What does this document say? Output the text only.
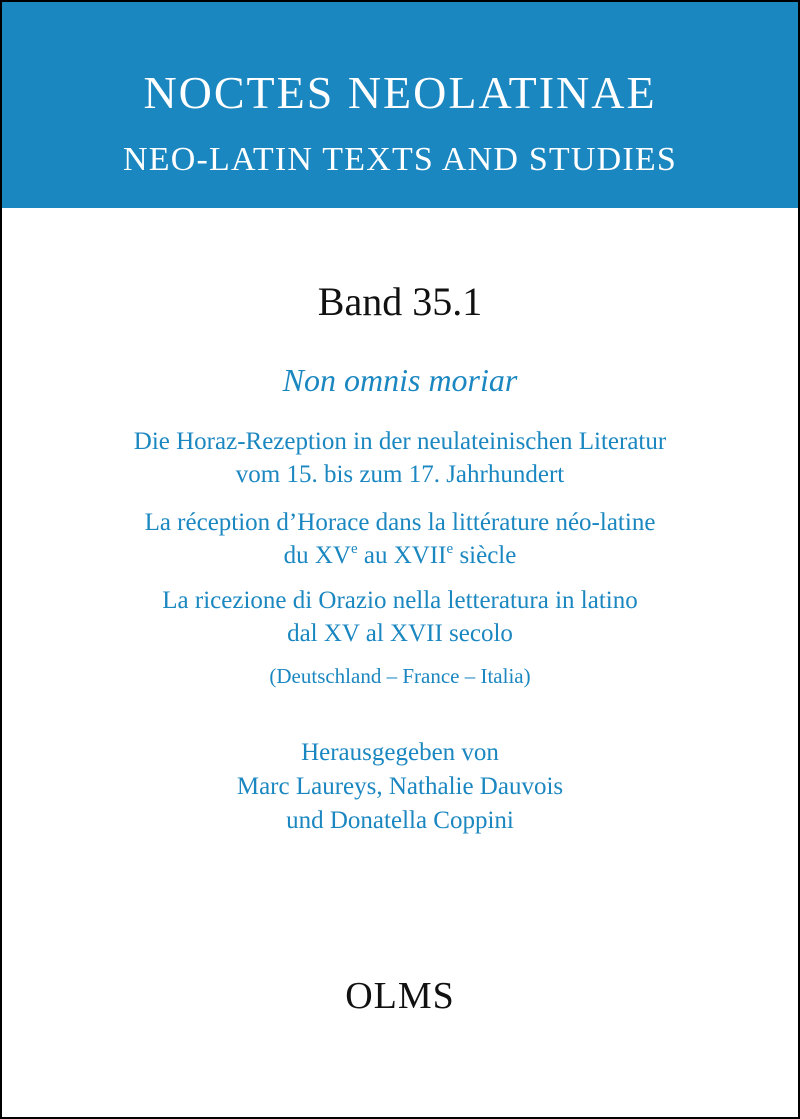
NOCTES NEOLATINAE
NEO-LATIN TEXTS AND STUDIES
Band 35.1
Non omnis moriar
Die Horaz-Rezeption in der neulateinischen Literatur
vom 15. bis zum 17. Jahrhundert
La réception d’Horace dans la littérature néo-latine
du XVe au XVIIe siècle
La ricezione di Orazio nella letteratura in latino
dal XV al XVII secolo
(Deutschland – France – Italia)
Herausgegeben von
Marc Laureys, Nathalie Dauvois
und Donatella Coppini
OLMS
